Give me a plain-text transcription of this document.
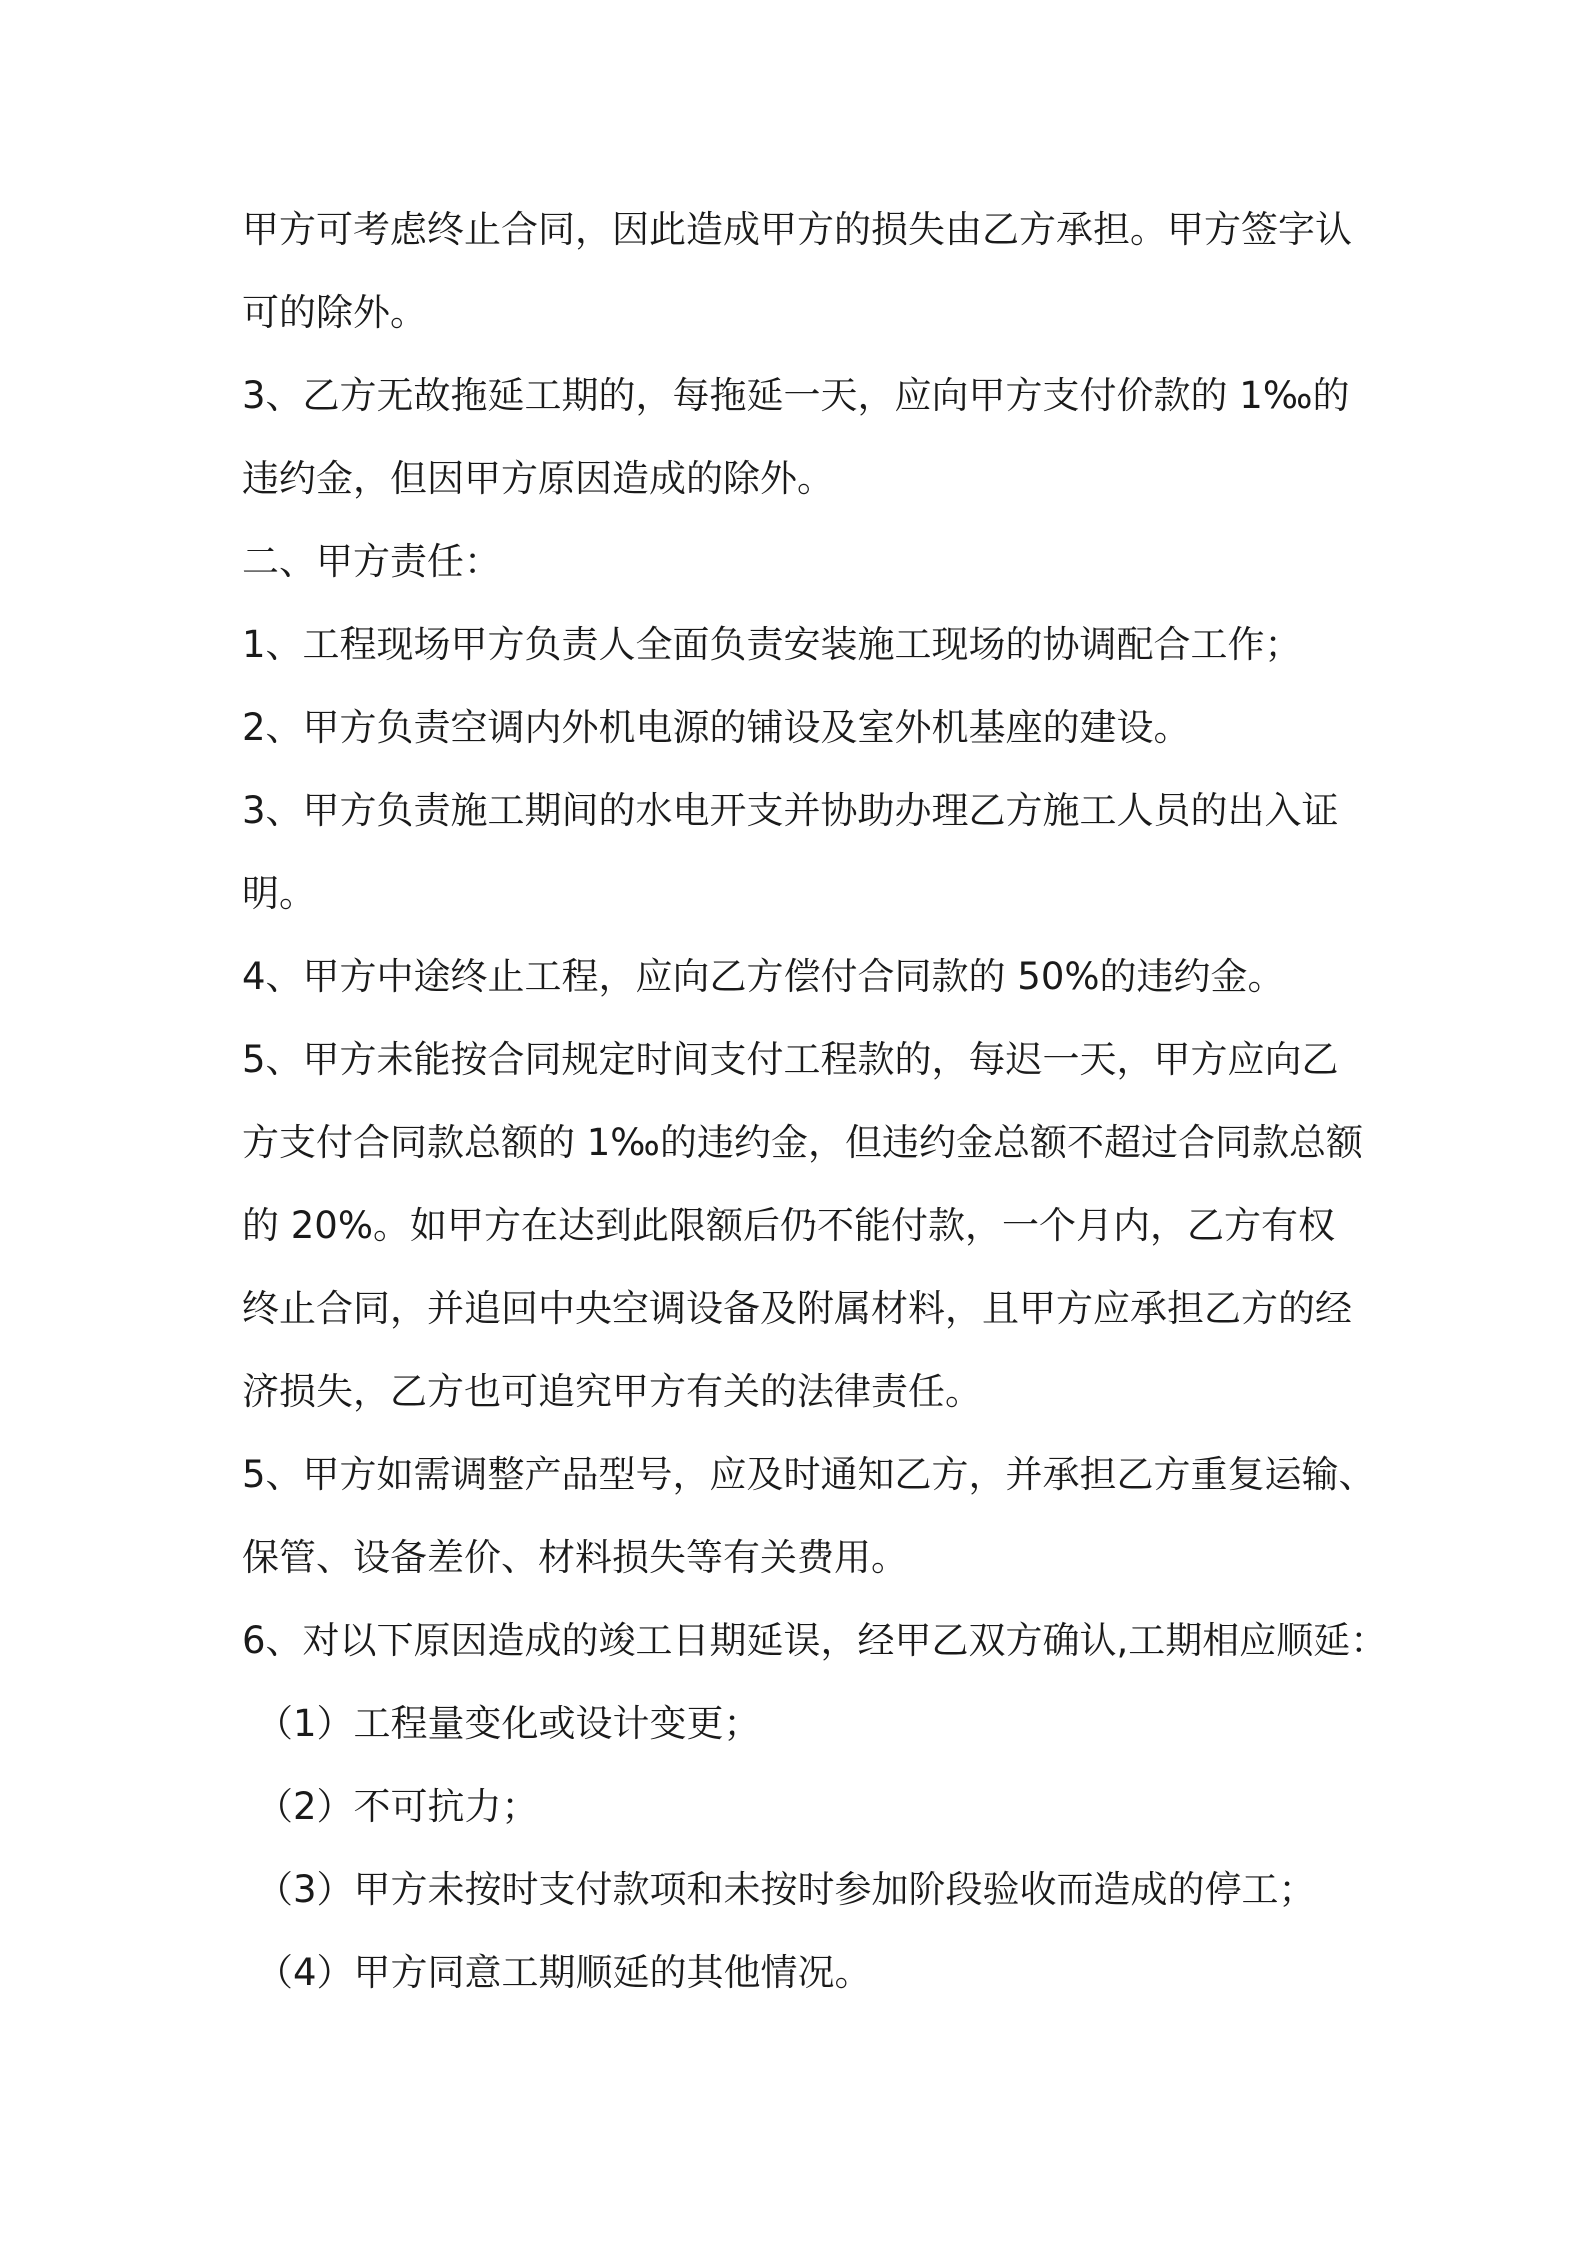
甲方可考虑终止合同，因此造成甲方的损失由乙方承担。甲方签字认
可的除外。
3、乙方无故拖延工期的，每拖延一天，应向甲方支付价款的 1‰的
违约金，但因甲方原因造成的除外。
二、甲方责任：
1、工程现场甲方负责人全面负责安装施工现场的协调配合工作；
2、甲方负责空调内外机电源的铺设及室外机基座的建设。
3、甲方负责施工期间的水电开支并协助办理乙方施工人员的出入证
明。
4、甲方中途终止工程，应向乙方偿付合同款的 50%的违约金。
5、甲方未能按合同规定时间支付工程款的，每迟一天，甲方应向乙
方支付合同款总额的 1‰的违约金，但违约金总额不超过合同款总额
的 20%。如甲方在达到此限额后仍不能付款，一个月内，乙方有权
终止合同，并追回中央空调设备及附属材料，且甲方应承担乙方的经
济损失，乙方也可追究甲方有关的法律责任。
5、甲方如需调整产品型号，应及时通知乙方，并承担乙方重复运输、
保管、设备差价、材料损失等有关费用。
6、对以下原因造成的竣工日期延误，经甲乙双方确认,工期相应顺延：
（1）工程量变化或设计变更；
（2）不可抗力；
（3）甲方未按时支付款项和未按时参加阶段验收而造成的停工；
（4）甲方同意工期顺延的其他情况。
